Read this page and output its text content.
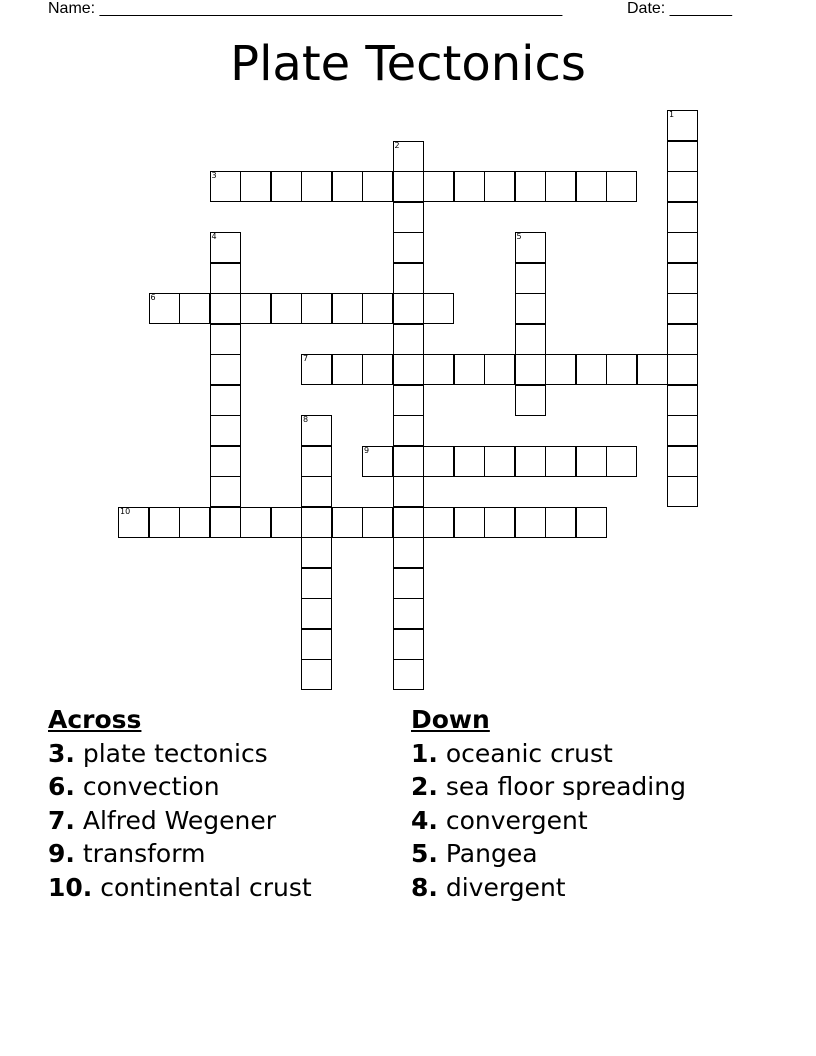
Name: ____________________________________________________	Date: _______
Plate Tectonics
1
2
3
4	5
6
7
8
9
10
Across
3. plate tectonics
6. convection
7. Alfred Wegener
9. transform
10. continental crust
Down
1. oceanic crust
2. sea floor spreading
4. convergent
5. Pangea
8. divergent
